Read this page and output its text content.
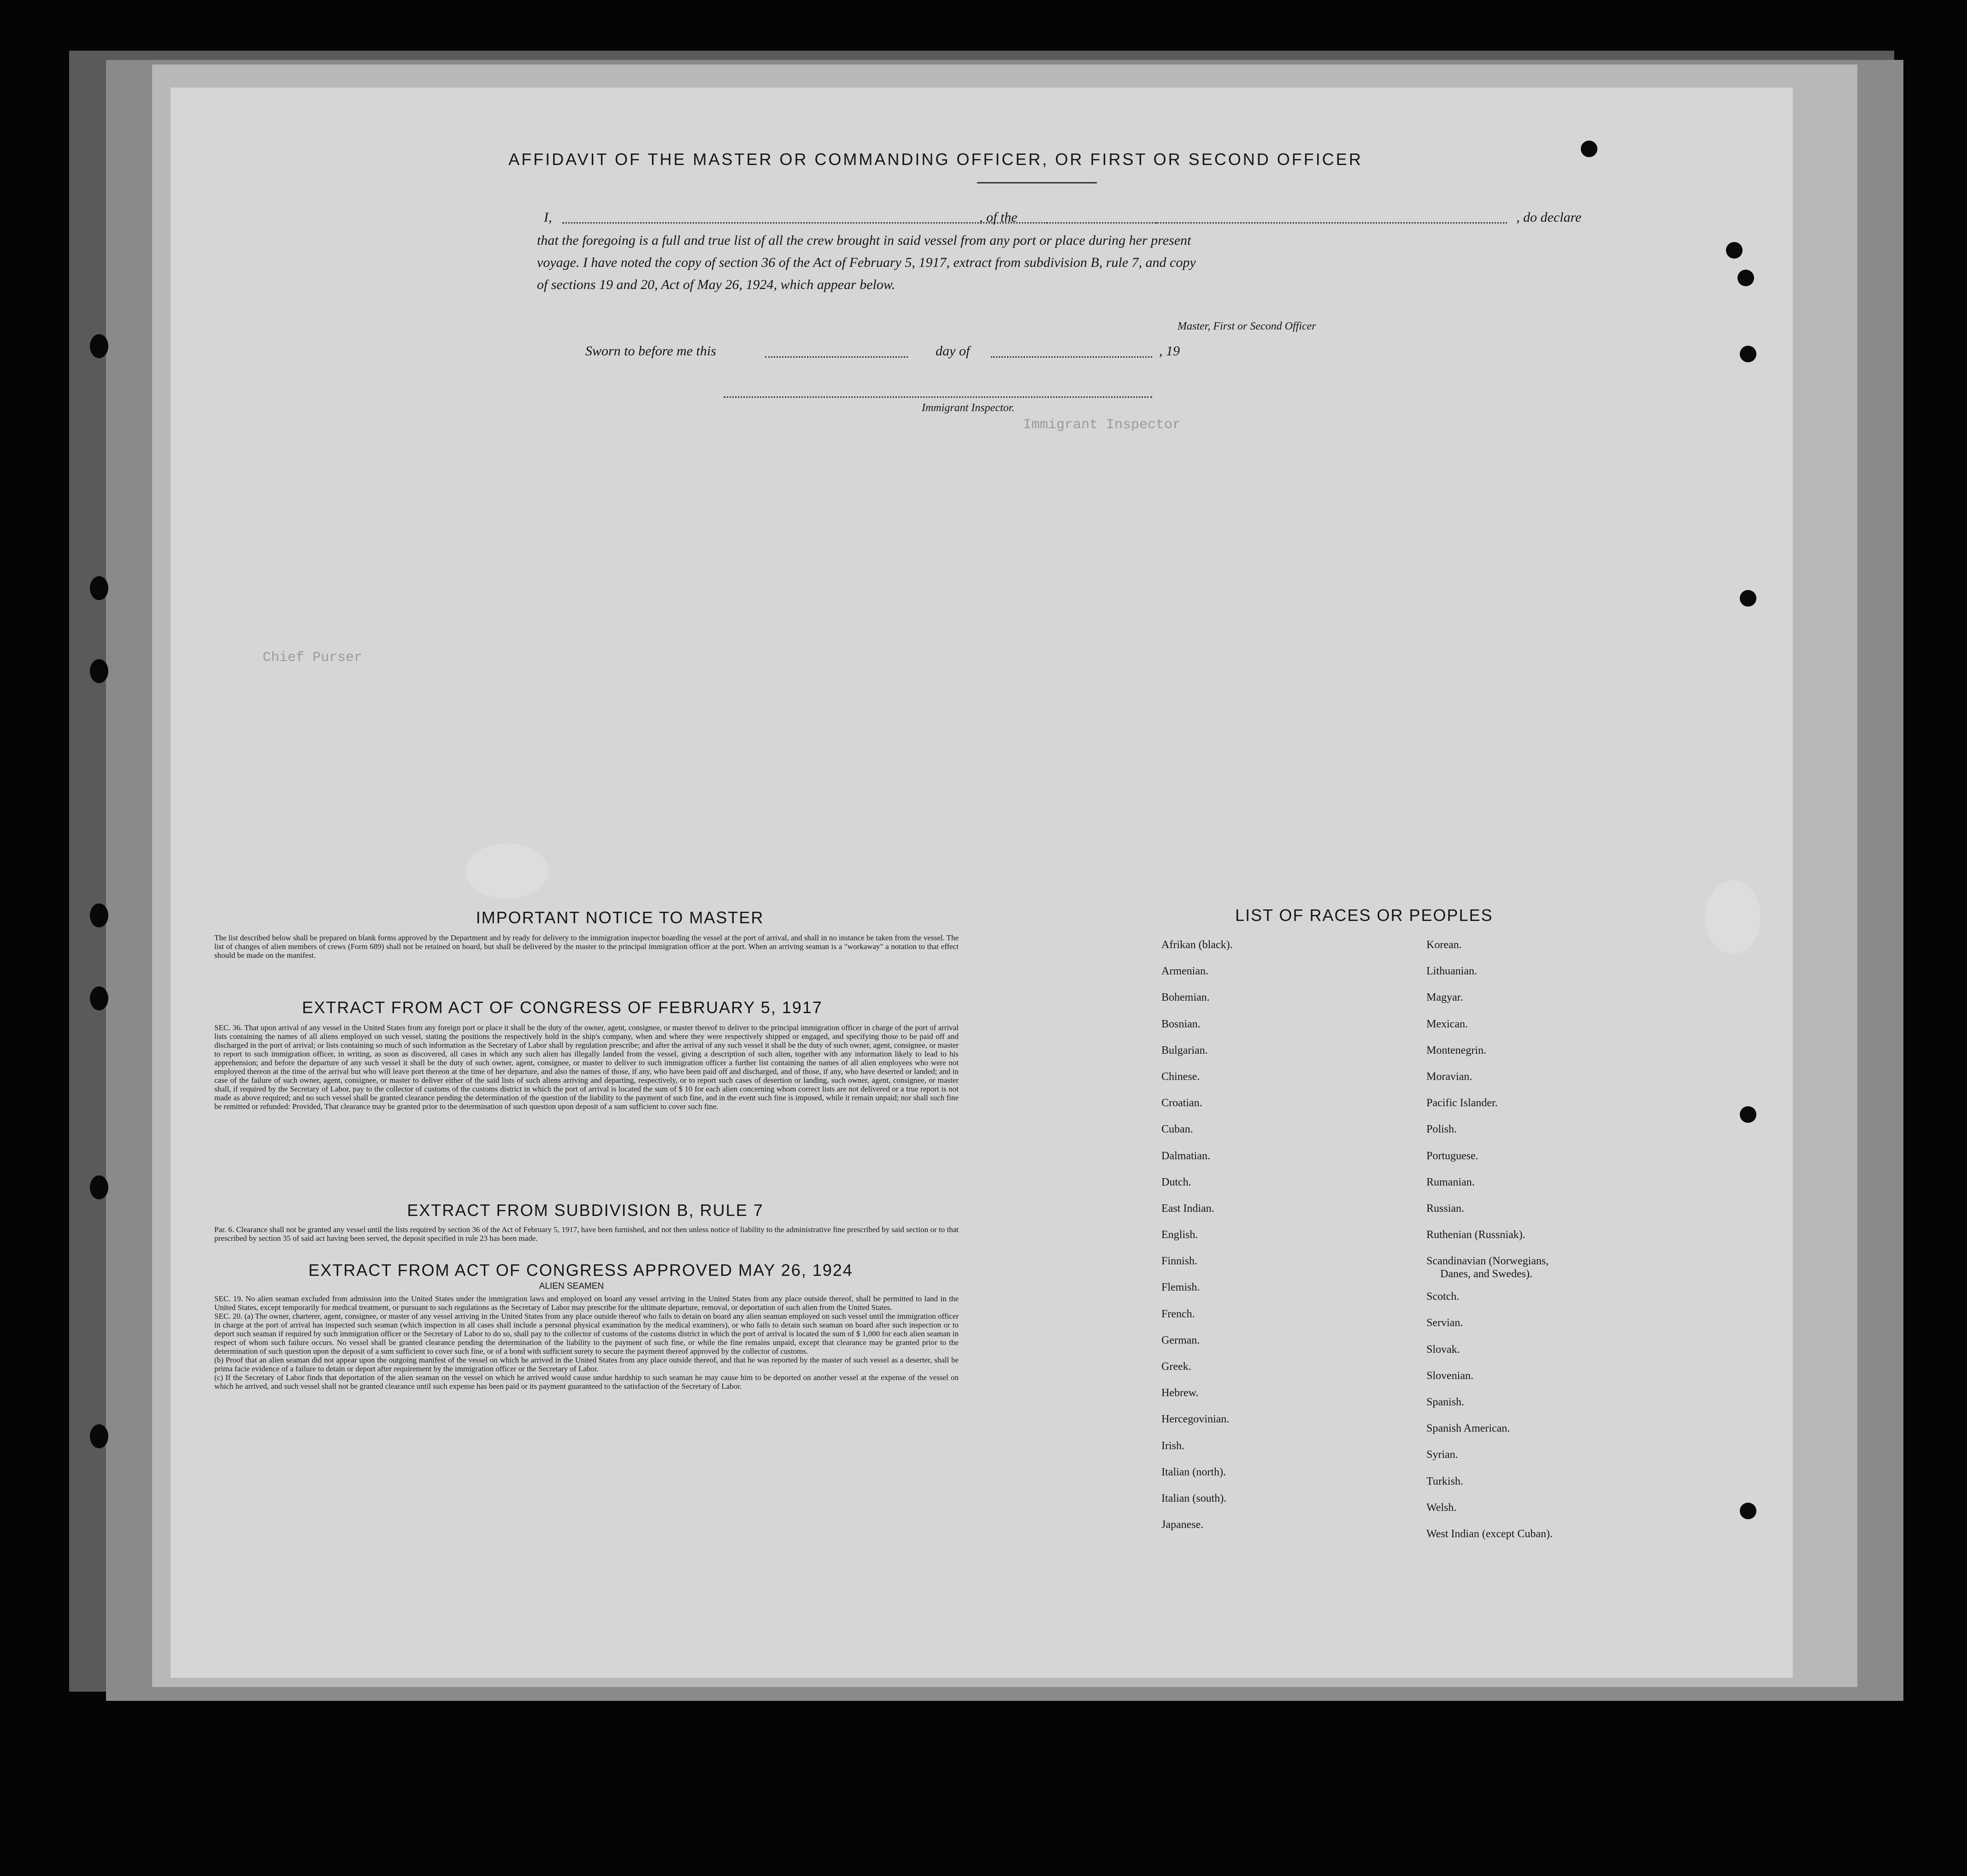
Immigrant Inspector
Chief Purser
AFFIDAVIT OF THE MASTER OR COMMANDING OFFICER, OR FIRST OR SECOND OFFICER
I,	, of the	, do declare
that the foregoing is a full and true list of all the crew brought in said vessel from any port or place during her present
voyage. I have noted the copy of section 36 of the Act of February 5, 1917, extract from subdivision B, rule 7, and copy
of sections 19 and 20, Act of May 26, 1924, which appear below.
Master, First or Second Officer
Sworn to before me this	day of	, 19
Immigrant Inspector.
IMPORTANT NOTICE TO MASTER
The list described below shall be prepared on blank forms approved by the Department and by ready for delivery to the immigration inspector boarding the vessel at the port of arrival, and shall in no instance be taken from the vessel. The list of changes of alien members of crews (Form 689) shall not be retained on board, but shall be delivered by the master to the principal immigration officer at the port. When an arriving seaman is a "workaway" a notation to that effect should be made on the manifest.
EXTRACT FROM ACT OF CONGRESS OF FEBRUARY 5, 1917
SEC. 36. That upon arrival of any vessel in the United States from any foreign port or place it shall be the duty of the owner, agent, consignee, or master thereof to deliver to the principal immigration officer in charge of the port of arrival lists containing the names of all aliens employed on such vessel, stating the positions the respectively hold in the ship's company, when and where they were respectively shipped or engaged, and specifying those to be paid off and discharged in the port of arrival; or lists containing so much of such information as the Secretary of Labor shall by regulation prescribe; and after the arrival of any such vessel it shall be the duty of such owner, agent, consignee, or master to report to such immigration officer, in writing, as soon as discovered, all cases in which any such alien has illegally landed from the vessel, giving a description of such alien, together with any information likely to lead to his apprehension; and before the departure of any such vessel it shall be the duty of such owner, agent, consignee, or master to deliver to such immigration officer a further list containing the names of all alien employees who were not employed thereon at the time of the arrival but who will leave port thereon at the time of her departure, and also the names of those, if any, who have been paid off and discharged, and of those, if any, who have deserted or landed; and in case of the failure of such owner, agent, consignee, or master to deliver either of the said lists of such aliens arriving and departing, respectively, or to report such cases of desertion or landing, such owner, agent, consignee, or master shall, if required by the Secretary of Labor, pay to the collector of customs of the customs district in which the port of arrival is located the sum of $ 10 for each alien concerning whom correct lists are not delivered or a true report is not made as above required; and no such vessel shall be granted clearance pending the determination of the question of the liability to the payment of such fine, and in the event such fine is imposed, while it remain unpaid; nor shall such fine be remitted or refunded: Provided, That clearance may be granted prior to the determination of such question upon deposit of a sum sufficient to cover such fine.
EXTRACT FROM SUBDIVISION B, RULE 7
Par. 6. Clearance shall not be granted any vessel until the lists required by section 36 of the Act of February 5, 1917, have been furnished, and not then unless notice of liability to the administrative fine prescribed by said section or to that prescribed by section 35 of said act having been served, the deposit specified in rule 23 has been made.
EXTRACT FROM ACT OF CONGRESS APPROVED MAY 26, 1924
ALIEN SEAMEN
SEC. 19. No alien seaman excluded from admission into the United States under the immigration laws and employed on board any vessel arriving in the United States from any place outside thereof, shall be permitted to land in the United States, except temporarily for medical treatment, or pursuant to such regulations as the Secretary of Labor may prescribe for the ultimate departure, removal, or deportation of such alien from the United States.
SEC. 20. (a) The owner, charterer, agent, consignee, or master of any vessel arriving in the United States from any place outside thereof who fails to detain on board any alien seaman employed on such vessel until the immigration officer in charge at the port of arrival has inspected such seaman (which inspection in all cases shall include a personal physical examination by the medical examiners), or who fails to detain such seaman on board after such inspection or to deport such seaman if required by such immigration officer or the Secretary of Labor to do so, shall pay to the collector of customs of the customs district in which the port of arrival is located the sum of $ 1,000 for each alien seaman in respect of whom such failure occurs. No vessel shall be granted clearance pending the determination of the liability to the payment of such fine, or while the fine remains unpaid, except that clearance may be granted prior to the determination of such question upon the deposit of a sum sufficient to cover such fine, or of a bond with sufficient surety to secure the payment thereof approved by the collector of customs.
(b) Proof that an alien seaman did not appear upon the outgoing manifest of the vessel on which he arrived in the United States from any place outside thereof, and that he was reported by the master of such vessel as a deserter, shall be prima facie evidence of a failure to detain or deport after requirement by the immigration officer or the Secretary of Labor.
(c) If the Secretary of Labor finds that deportation of the alien seaman on the vessel on which he arrived would cause undue hardship to such seaman he may cause him to be deported on another vessel at the expense of the vessel on which he arrived, and such vessel shall not be granted clearance until such expense has been paid or its payment guaranteed to the satisfaction of the Secretary of Labor.
LIST OF RACES OR PEOPLES
Afrikan (black).
Armenian.
Bohemian.
Bosnian.
Bulgarian.
Chinese.
Croatian.
Cuban.
Dalmatian.
Dutch.
East Indian.
English.
Finnish.
Flemish.
French.
German.
Greek.
Hebrew.
Hercegovinian.
Irish.
Italian (north).
Italian (south).
Japanese.
Korean.
Lithuanian.
Magyar.
Mexican.
Montenegrin.
Moravian.
Pacific Islander.
Polish.
Portuguese.
Rumanian.
Russian.
Ruthenian (Russniak).
Scandinavian (Norwegians,
Danes, and Swedes).
Scotch.
Servian.
Slovak.
Slovenian.
Spanish.
Spanish American.
Syrian.
Turkish.
Welsh.
West Indian (except Cuban).
